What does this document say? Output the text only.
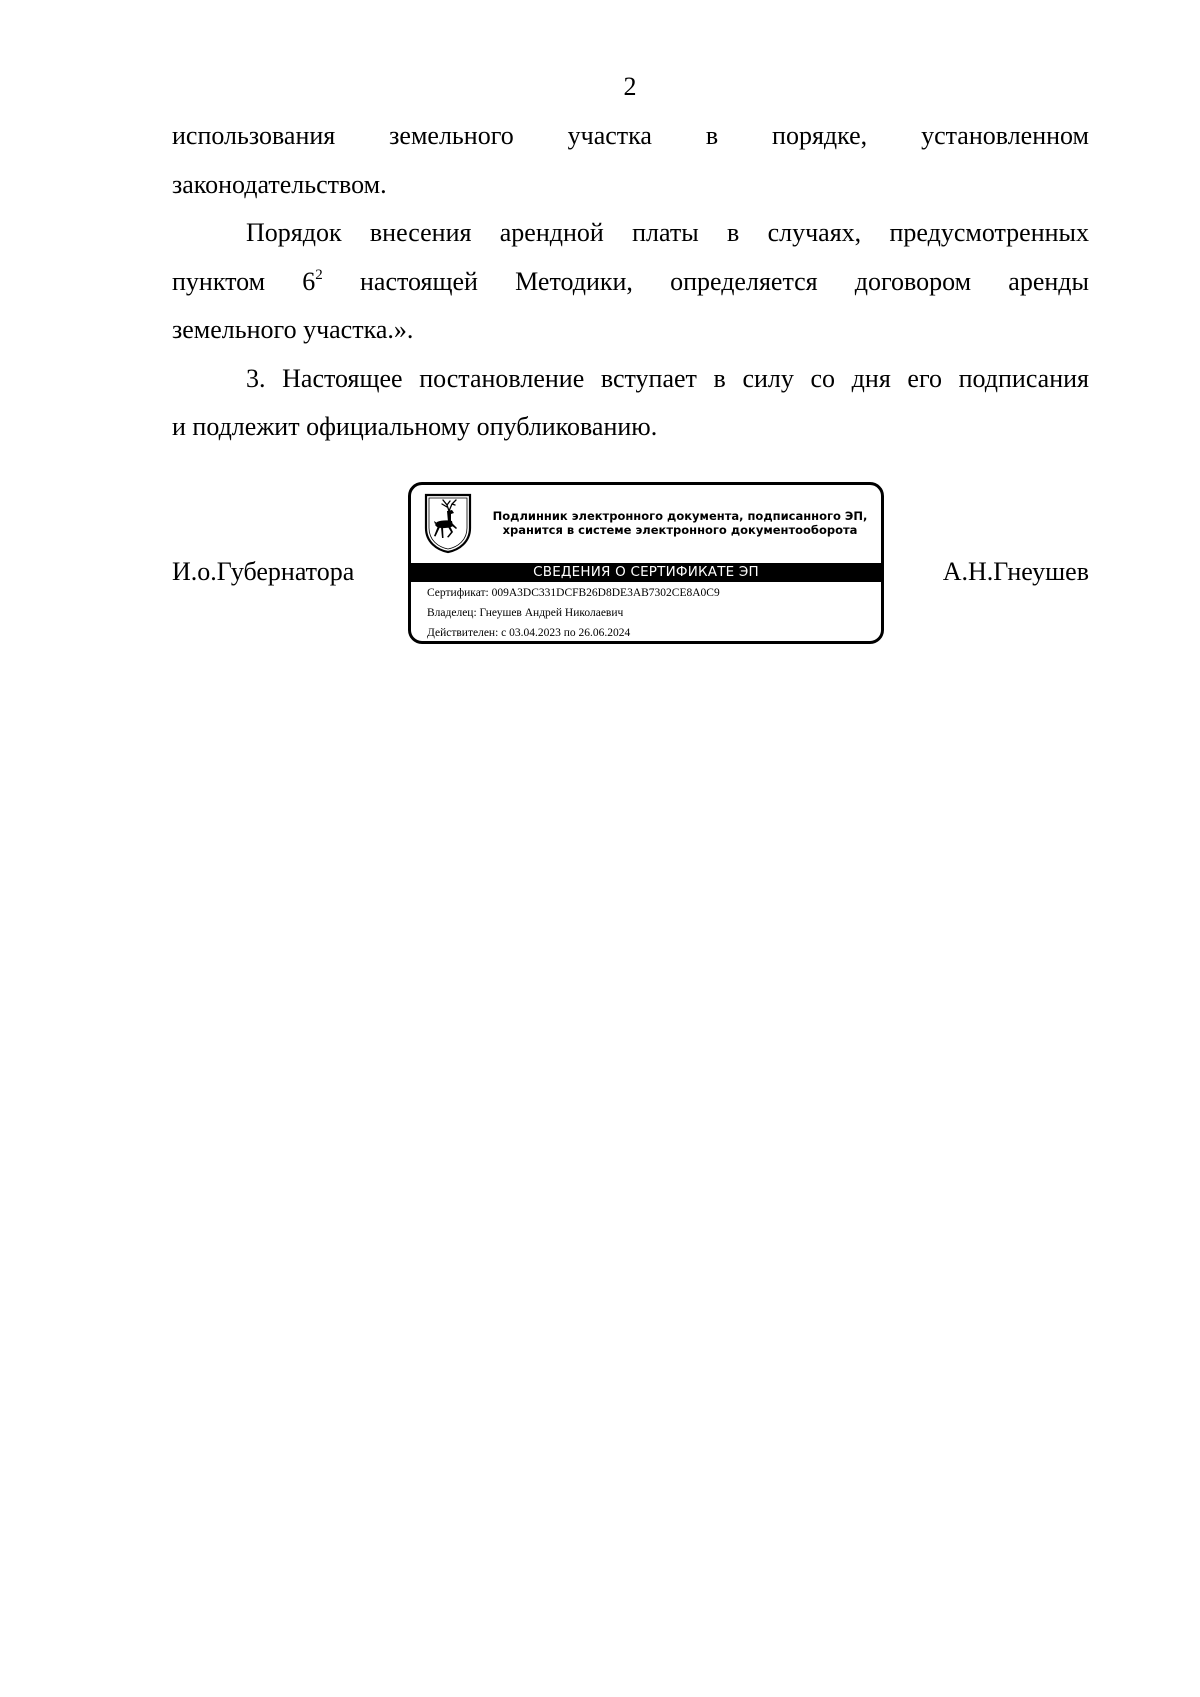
2

использования земельного участка в порядке, установленном
законодательством.

Порядок внесения арендной платы в случаях, предусмотренных
пунктом $6^2$ настоящей Методики, определяется договором аренды
земельного участка.».

3. Настоящее постановление вступает в силу со дня его подписания
и подлежит официальному опубликованию.

И.о.Губернатора
Подлинник электронного документа, подписанного ЭП, хранится в системе электронного документооборота
СВЕДЕНИЯ О СЕРТИФИКАТЕ ЭП
Сертификат: 009A3DC331DCFB26D8DE3AB7302CE8A0C9
Владелец: Гнеушев Андрей Николаевич
Действителен: с 03.04.2023 по 26.06.2024
А.Н.Гнеушев
